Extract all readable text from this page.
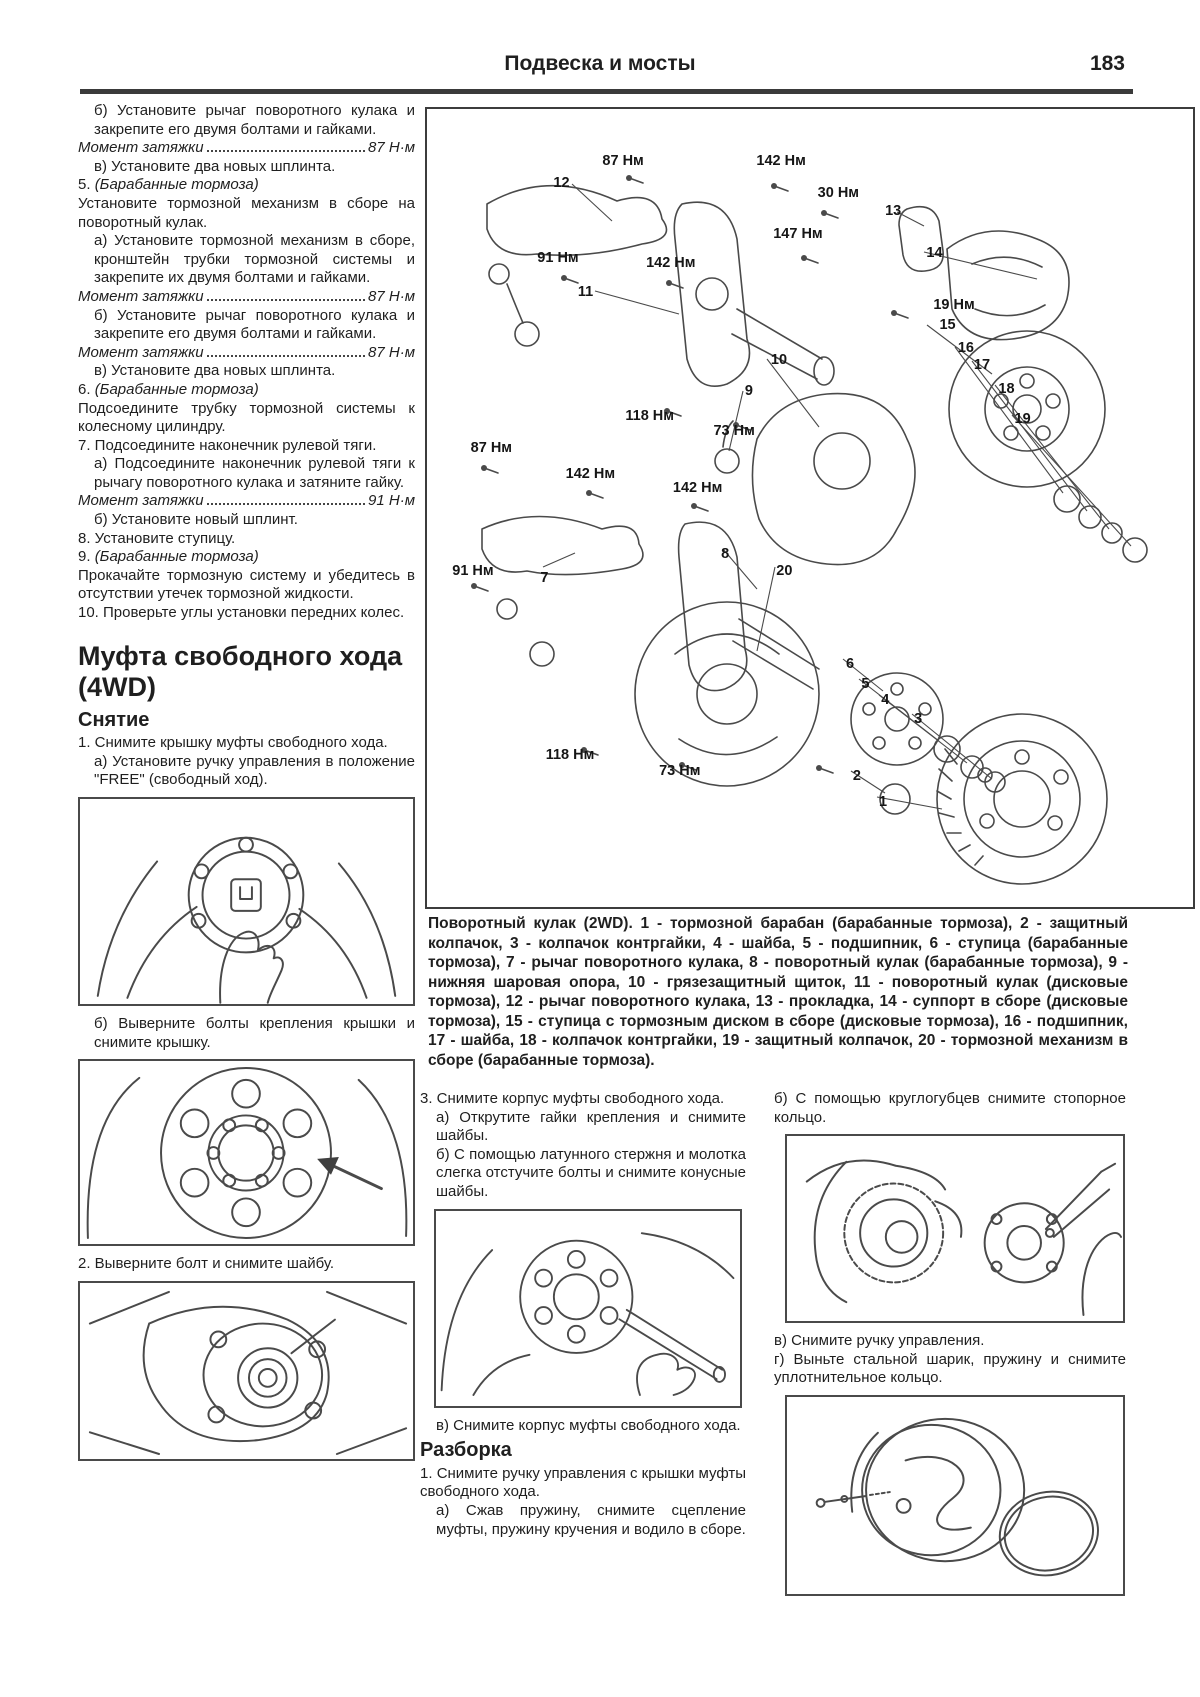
Подвеска и мосты	183

б) Установите рычаг поворотного кулака и закрепите его двумя болтами и гайками.

Момент затяжки	87 Н·м

в) Установите два новых шплинта.

5. (Барабанные тормоза)

Установите тормозной механизм в сборе на поворотный кулак.

а) Установите тормозной механизм в сборе, кронштейн трубки тормозной системы и закрепите их двумя болтами и гайками.

Момент затяжки	87 Н·м

б) Установите рычаг поворотного кулака и закрепите его двумя болтами и гайками.

Момент затяжки	87 Н·м

в) Установите два новых шплинта.

6. (Барабанные тормоза)

Подсоедините трубку тормозной системы к колесному цилиндру.

7. Подсоедините наконечник рулевой тяги.

а) Подсоедините наконечник рулевой тяги к рычагу поворотного кулака и затяните гайку.

Момент затяжки	91 Н·м

б) Установите новый шплинт.

8. Установите ступицу.

9. (Барабанные тормоза)

Прокачайте тормозную систему и убедитесь в отсутствии утечек тормозной жидкости.

10. Проверьте углы установки передних колес.

Муфта свободного хода (4WD)
Снятие

1. Снимите крышку муфты свободного хода.

а) Установите ручку управления в положение "FREE" (свободный ход).

б) Выверните болты крепления крышки и снимите крышку.

2. Выверните болт и снимите шайбу.

87 Нм
12
142 Нм
30 Нм
13
147 Нм
14
91 Нм	142 Нм
11
19 Нм
15
16
17
10
18
9
118 Нм
73 Нм
19
87 Нм
142 Нм
142 Нм
8
91 Нм	7	20
6
5
4
3
118 Нм
73 Нм	2
1
Поворотный кулак (2WD). 1 - тормозной барабан (барабанные тормоза), 2 - защитный колпачок, 3 - колпачок контргайки, 4 - шайба, 5 - подшипник, 6 - ступица (барабанные тормоза), 7 - рычаг поворотного кулака, 8 - поворотный кулак (барабанные тормоза), 9 - нижняя шаровая опора, 10 - грязезащитный щиток, 11 - поворотный кулак (дисковые тормоза), 12 - рычаг поворотного кулака, 13 - прокладка, 14 - суппорт в сборе (дисковые тормоза), 15 - ступица с тормозным диском в сборе (дисковые тормоза), 16 - подшипник, 17 - шайба, 18 - колпачок контргайки, 19 - защитный колпачок, 20 - тормозной механизм в сборе (барабанные тормоза).

3. Снимите корпус муфты свободного хода.

а) Открутите гайки крепления и снимите шайбы.

б) С помощью латунного стержня и молотка слегка отстучите болты и снимите конусные шайбы.

в) Снимите корпус муфты свободного хода.

Разборка

1. Снимите ручку управления с крышки муфты свободного хода.

а) Сжав пружину, снимите сцепление муфты, пружину кручения и водило в сборе.

б) С помощью круглогубцев снимите стопорное кольцо.

в) Снимите ручку управления.

г) Выньте стальной шарик, пружину и снимите уплотнительное кольцо.
